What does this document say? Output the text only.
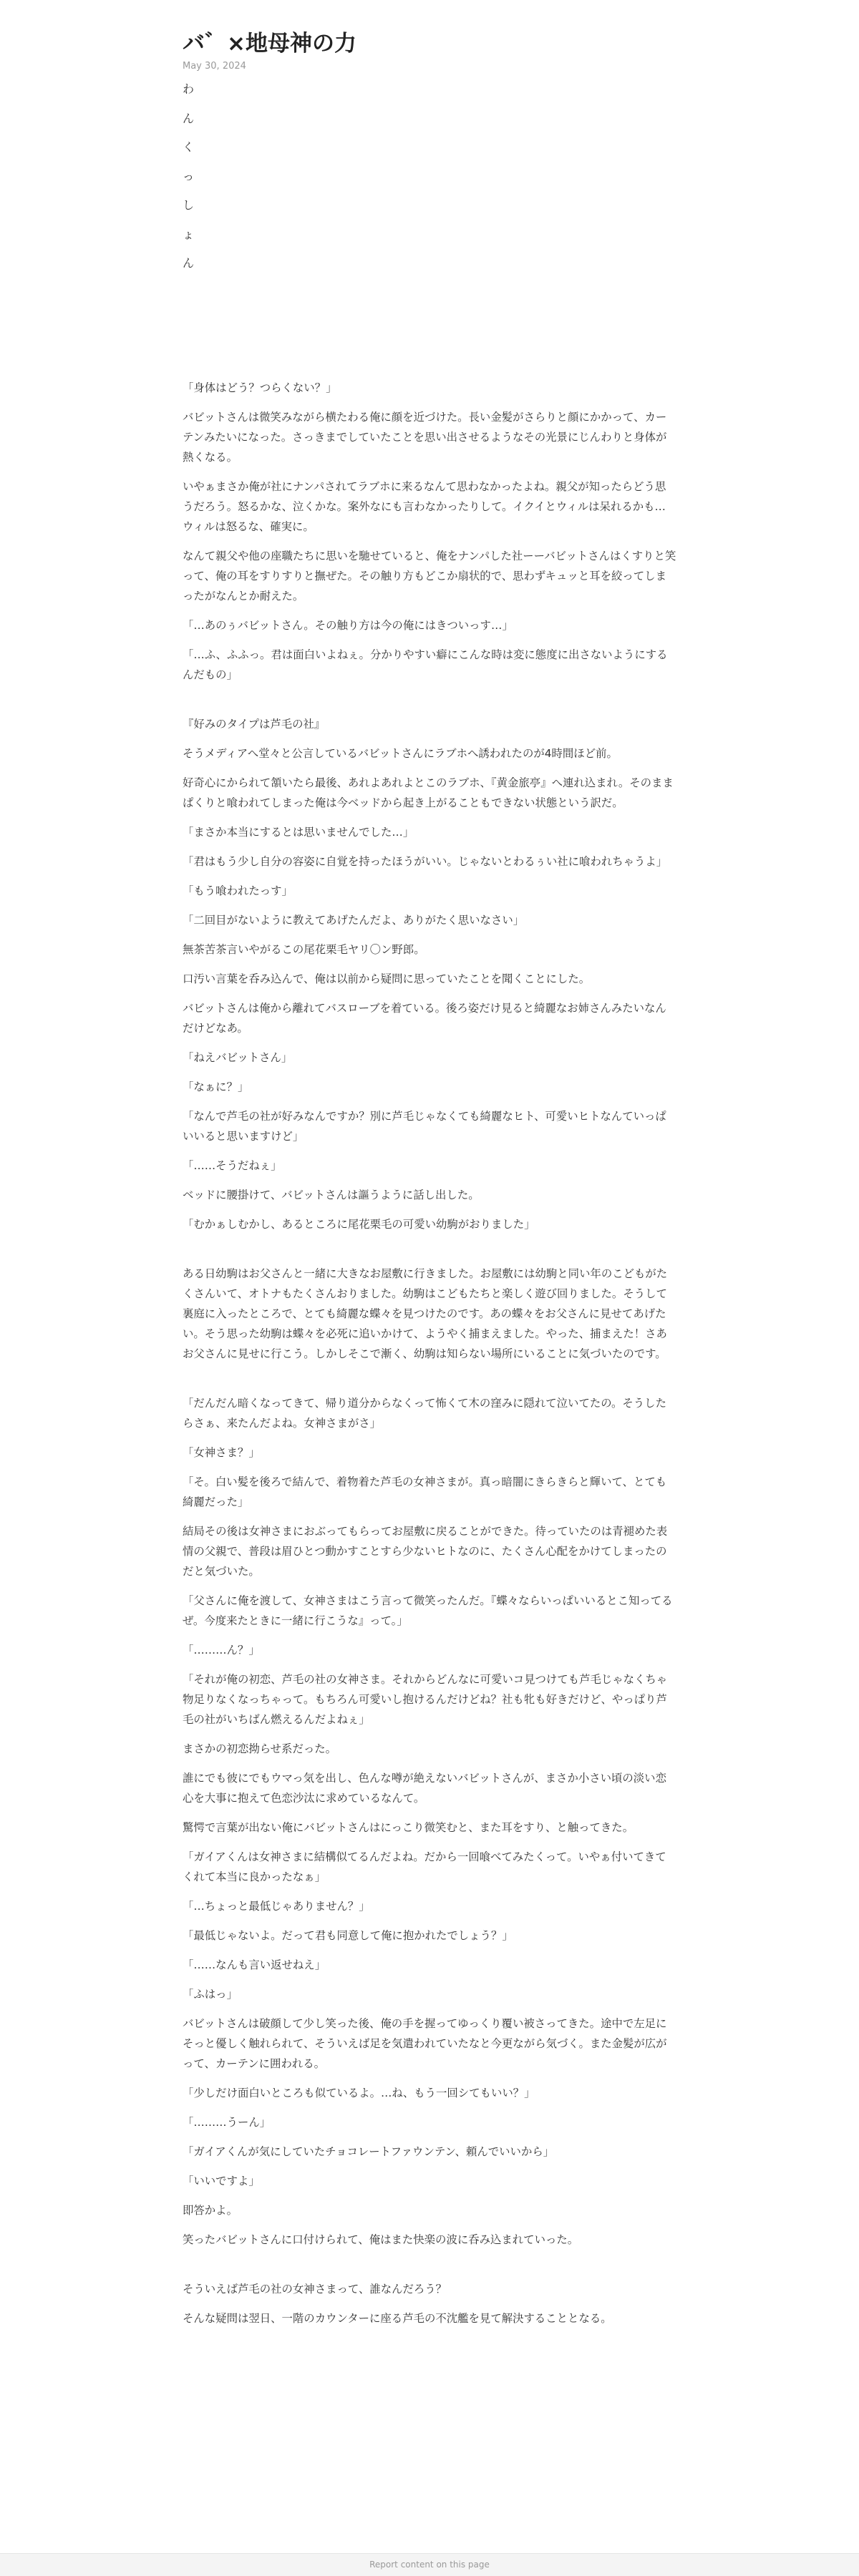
バ゛×地母神の力
May 30, 2024
わ
ん
く
っ
し
ょ
ん

「身体はどう？つらくない？」

バビットさんは微笑みながら横たわる俺に顔を近づけた。長い金髪がさらりと顔にかかって、カーテンみたいになった。さっきまでしていたことを思い出させるようなその光景にじんわりと身体が熱くなる。

いやぁまさか俺が社にナンパされてラブホに来るなんて思わなかったよね。親父が知ったらどう思うだろう。怒るかな、泣くかな。案外なにも言わなかったりして。イクイとウィルは呆れるかも…ウィルは怒るな、確実に。

なんて親父や他の座職たちに思いを馳せていると、俺をナンパした社ーーバビットさんはくすりと笑って、俺の耳をすりすりと撫ぜた。その触り方もどこか扇状的で、思わずキュッと耳を絞ってしまったがなんとか耐えた。

「…あのぅバビットさん。その触り方は今の俺にはきついっす…」

「…ふ、ふふっ。君は面白いよねぇ。分かりやすい癖にこんな時は変に態度に出さないようにするんだもの」

『好みのタイプは芦毛の社』

そうメディアへ堂々と公言しているバビットさんにラブホへ誘われたのが4時間ほど前。

好奇心にかられて頷いたら最後、あれよあれよとこのラブホ、『黄金旅亭』へ連れ込まれ。そのままぱくりと喰われてしまった俺は今ベッドから起き上がることもできない状態という訳だ。

「まさか本当にするとは思いませんでした…」

「君はもう少し自分の容姿に自覚を持ったほうがいい。じゃないとわるぅい社に喰われちゃうよ」

「もう喰われたっす」

「二回目がないように教えてあげたんだよ、ありがたく思いなさい」

無茶苦茶言いやがるこの尾花栗毛ヤリ〇ン野郎。

口汚い言葉を呑み込んで、俺は以前から疑問に思っていたことを聞くことにした。

バビットさんは俺から離れてバスローブを着ている。後ろ姿だけ見ると綺麗なお姉さんみたいなんだけどなあ。

「ねえバビットさん」

「なぁに？」

「なんで芦毛の社が好みなんですか？別に芦毛じゃなくても綺麗なヒト、可愛いヒトなんていっぱいいると思いますけど」

「……そうだねぇ」

ベッドに腰掛けて、バビットさんは謳うように話し出した。

「むかぁしむかし、あるところに尾花栗毛の可愛い幼駒がおりました」

ある日幼駒はお父さんと一緒に大きなお屋敷に行きました。お屋敷には幼駒と同い年のこどもがたくさんいて、オトナもたくさんおりました。幼駒はこどもたちと楽しく遊び回りました。そうして裏庭に入ったところで、とても綺麗な蝶々を見つけたのです。あの蝶々をお父さんに見せてあげたい。そう思った幼駒は蝶々を必死に追いかけて、ようやく捕まえました。やった、捕まえた！さあお父さんに見せに行こう。しかしそこで漸く、幼駒は知らない場所にいることに気づいたのです。

「だんだん暗くなってきて、帰り道分からなくって怖くて木の窪みに隠れて泣いてたの。そうしたらさぁ、来たんだよね。女神さまがさ」

「女神さま？」

「そ。白い髪を後ろで結んで、着物着た芦毛の女神さまが。真っ暗闇にきらきらと輝いて、とても綺麗だった」

結局その後は女神さまにおぶってもらってお屋敷に戻ることができた。待っていたのは青褪めた表情の父親で、普段は眉ひとつ動かすことすら少ないヒトなのに、たくさん心配をかけてしまったのだと気づいた。

「父さんに俺を渡して、女神さまはこう言って微笑ったんだ。『蝶々ならいっぱいいるとこ知ってるぜ。今度来たときに一緒に行こうな』って。」

「………ん？」

「それが俺の初恋、芦毛の社の女神さま。それからどんなに可愛いコ見つけても芦毛じゃなくちゃ物足りなくなっちゃって。もちろん可愛いし抱けるんだけどね？社も牝も好きだけど、やっぱり芦毛の社がいちばん燃えるんだよねぇ」

まさかの初恋拗らせ系だった。

誰にでも彼にでもウマっ気を出し、色んな噂が絶えないバビットさんが、まさか小さい頃の淡い恋心を大事に抱えて色恋沙汰に求めているなんて。

驚愕で言葉が出ない俺にバビットさんはにっこり微笑むと、また耳をすり、と触ってきた。

「ガイアくんは女神さまに結構似てるんだよね。だから一回喰べてみたくって。いやぁ付いてきてくれて本当に良かったなぁ」

「…ちょっと最低じゃありません？」

「最低じゃないよ。だって君も同意して俺に抱かれたでしょう？」

「……なんも言い返せねえ」

「ふはっ」

バビットさんは破顔して少し笑った後、俺の手を握ってゆっくり覆い被さってきた。途中で左足にそっと優しく触れられて、そういえば足を気遣われていたなと今更ながら気づく。また金髪が広がって、カーテンに囲われる。

「少しだけ面白いところも似ているよ。…ね、もう一回シてもいい？」

「………うーん」

「ガイアくんが気にしていたチョコレートファウンテン、頼んでいいから」

「いいですよ」

即答かよ。

笑ったバビットさんに口付けられて、俺はまた快楽の波に呑み込まれていった。

そういえば芦毛の社の女神さまって、誰なんだろう？

そんな疑問は翌日、一階のカウンターに座る芦毛の不沈艦を見て解決することとなる。

Report content on this page
